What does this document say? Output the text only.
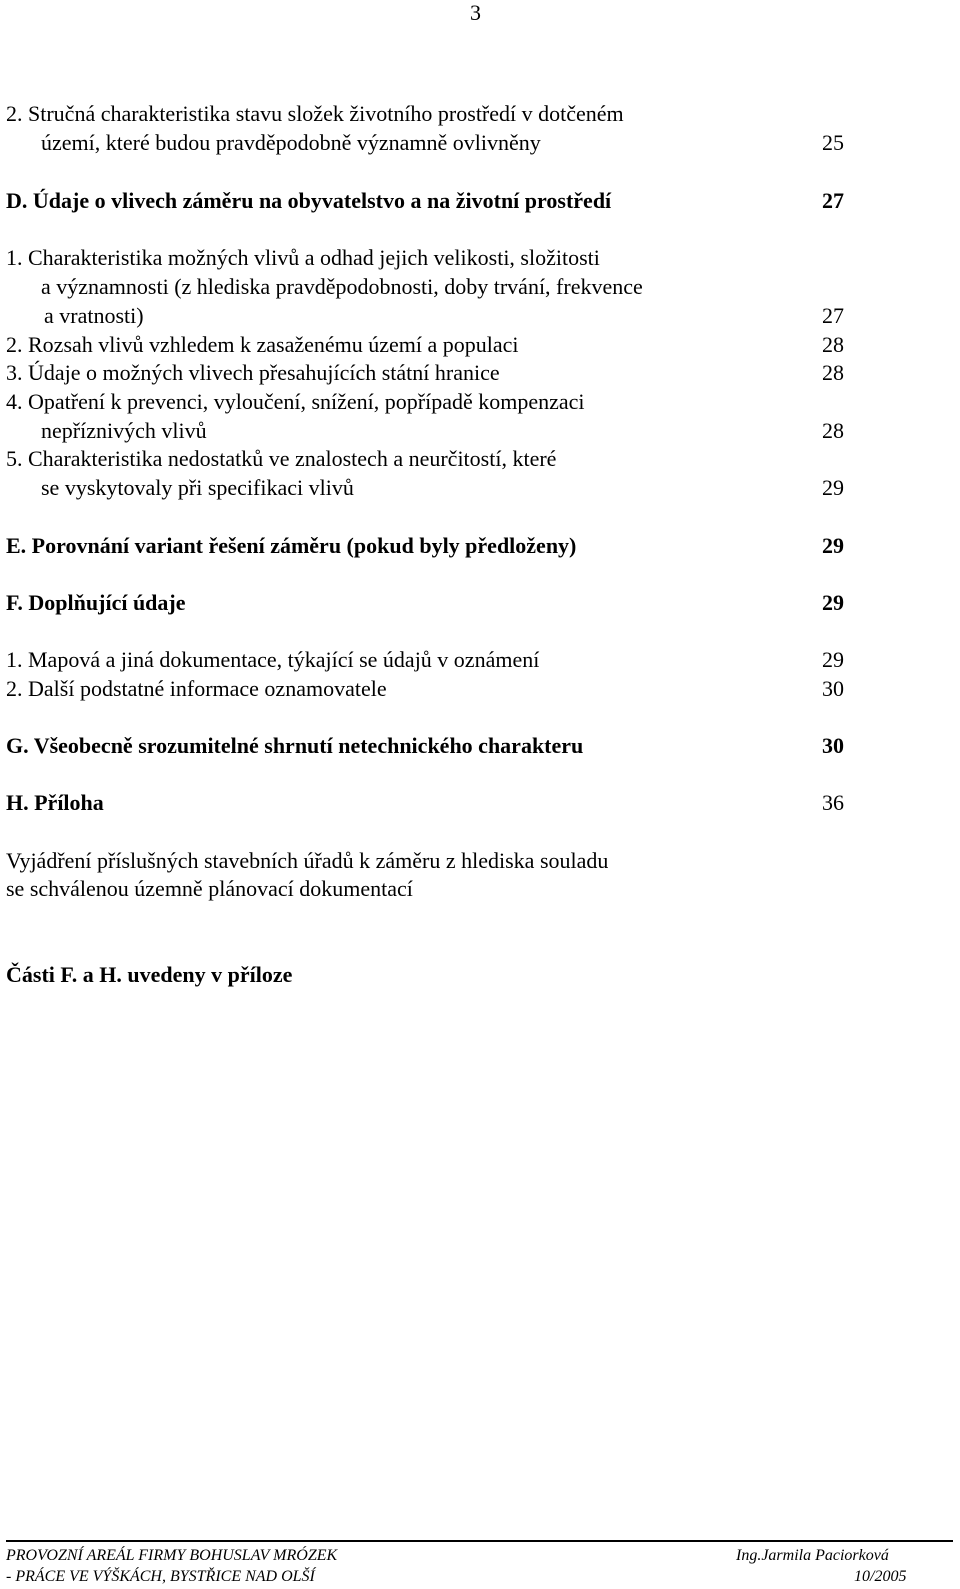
3
2. Stručná charakteristika stavu složek životního prostředí v dotčeném
území, které budou pravděpodobně významně ovlivněny	25
D. Údaje o vlivech záměru na obyvatelstvo a na životní prostředí	27
1. Charakteristika možných vlivů a odhad jejich velikosti, složitosti
a významnosti (z hlediska pravděpodobnosti, doby trvání, frekvence
a vratnosti)	27
2. Rozsah vlivů vzhledem k zasaženému území a populaci	28
3. Údaje o možných vlivech přesahujících státní hranice	28
4. Opatření k prevenci, vyloučení, snížení, popřípadě kompenzaci
nepříznivých vlivů	28
5. Charakteristika nedostatků ve znalostech a neurčitostí, které
se vyskytovaly při specifikaci vlivů	29
E. Porovnání variant řešení záměru (pokud byly předloženy)	29
F. Doplňující údaje	29
1. Mapová a jiná dokumentace, týkající se údajů v oznámení	29
2. Další podstatné informace oznamovatele	30
G. Všeobecně srozumitelné shrnutí netechnického charakteru	30
H. Příloha	36
Vyjádření příslušných stavebních úřadů k záměru z hlediska souladu
se schválenou územně plánovací dokumentací
Části F. a H. uvedeny v příloze
PROVOZNÍ AREÁL FIRMY BOHUSLAV MRÓZEK	Ing.Jarmila Paciorková
- PRÁCE VE VÝŠKÁCH, BYSTŘICE NAD OLŠÍ	10/2005
